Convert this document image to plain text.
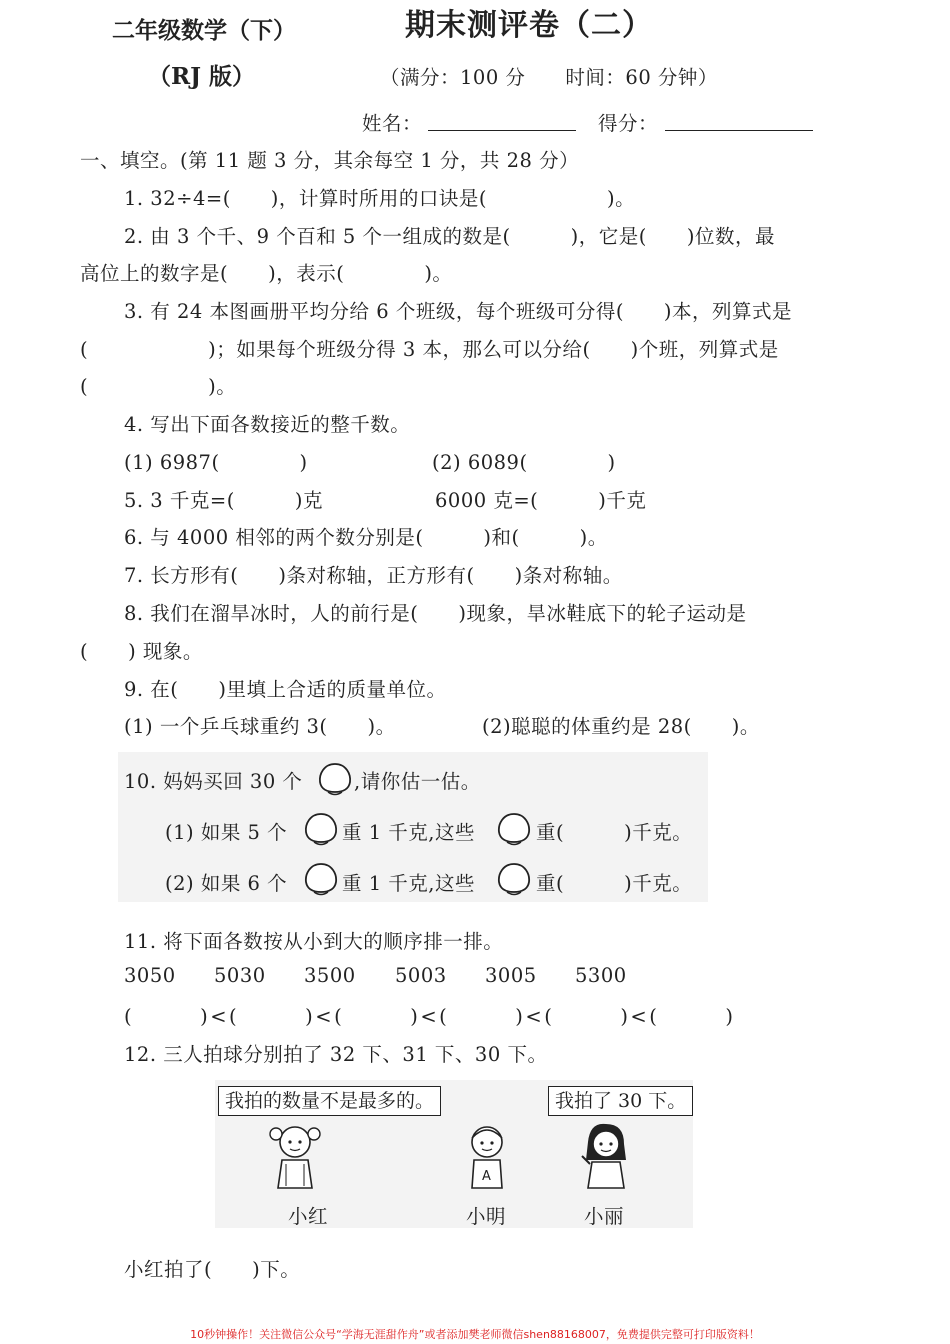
二年级数学（下）	期末测评卷（二）
（RJ 版）	（满分：100 分　　时间：60 分钟）
姓名：	得分：
一、填空。(第 11 题 3 分，其余每空 1 分，共 28 分）
1. 32÷4=(　　)，计算时所用的口诀是(　　　　　　)。
2. 由 3 个千、9 个百和 5 个一组成的数是(　　　)，它是(　　)位数，最
高位上的数字是(　　)，表示(　　　　)。
3. 有 24 本图画册平均分给 6 个班级，每个班级可分得(　　)本，列算式是
(　　　　　　)；如果每个班级分得 3 本，那么可以分给(　　)个班，列算式是
(　　　　　　)。
4. 写出下面各数接近的整千数。
(1) 6987(　　　　)	(2) 6089(　　　　)
5. 3 千克=(　　　)克	6000 克=(　　　)千克
6. 与 4000 相邻的两个数分别是(　　　)和(　　　)。
7. 长方形有(　　)条对称轴，正方形有(　　)条对称轴。
8. 我们在溜旱冰时，人的前行是(　　)现象，旱冰鞋底下的轮子运动是
(　　) 现象。
9. 在(　　)里填上合适的质量单位。
(1) 一个乒乓球重约 3(　　)。	(2)聪聪的体重约是 28(　　)。
10. 妈妈买回 30 个	,请你估一估。
(1) 如果 5 个	重 1 千克,这些	重(　　　)千克。
(2) 如果 6 个	重 1 千克,这些	重(　　　)千克。
11. 将下面各数按从小到大的顺序排一排。
3050 5030 3500 5003 3005 5300
(　　　)<(　　　)<(　　　)<(　　　)<(　　　)<(　　　)
12. 三人拍球分别拍了 32 下、31 下、30 下。
我拍的数量不是最多的。	我拍了 30 下。
A
小红	小明	小丽
小红拍了(　　)下。
10秒钟操作！关注微信公众号“学海无涯甜作舟”或者添加樊老师微信shen88168007，免费提供完整可打印版资料！
